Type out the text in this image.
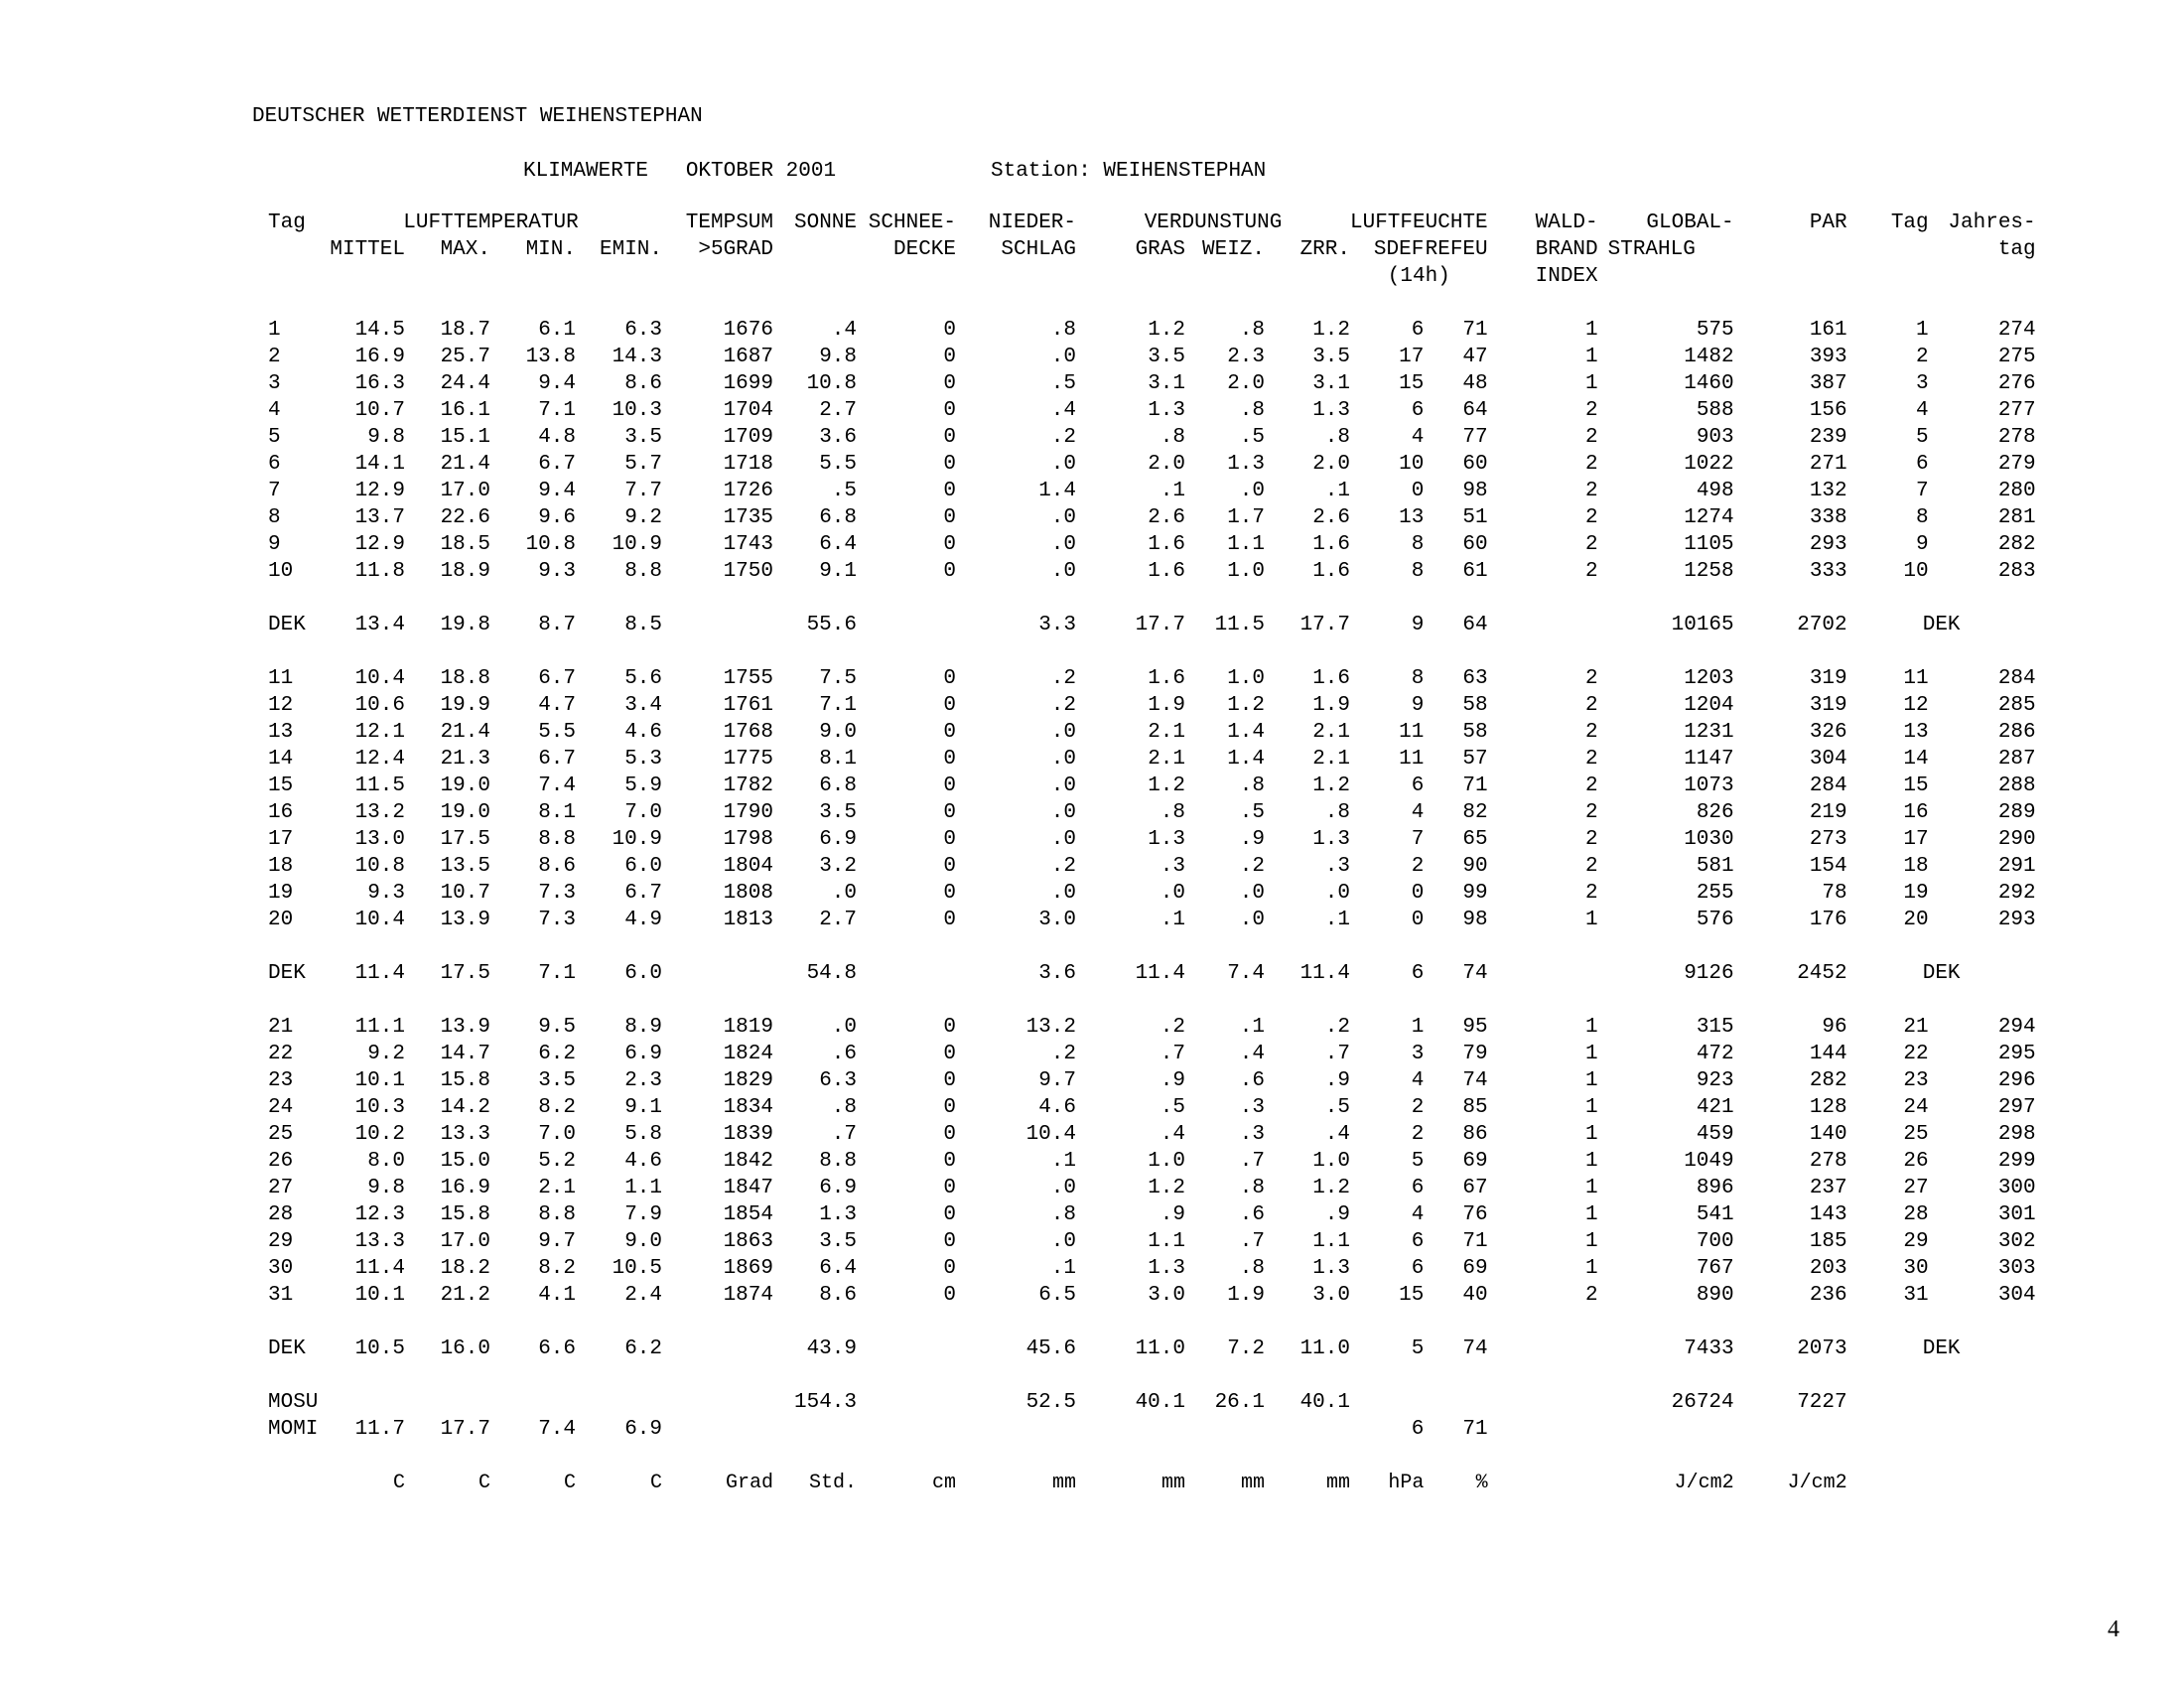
DEUTSCHER WETTERDIENST WEIHENSTEPHAN
KLIMAWERTE   OKTOBER 2001	Station: WEIHENSTEPHAN
Tag	LUFTTEMPERATUR				TEMPSUM	SONNE	SCHNEE-	NIEDER-	VERDUNSTUNG			LUFTFEUCHTE		WALD-	GLOBAL-	PAR	Tag	Jahres-
	MITTEL	MAX.	MIN.	EMIN.	>5GRAD		DECKE	SCHLAG	GRAS	WEIZ.	ZRR.	SDEF	REFEU	BRAND	STRAHLG			tag
												(14h)		INDEX				

1	14.5	18.7	6.1	6.3	1676	.4	0	.8	1.2	.8	1.2	6	71	1	575	161	1	274
2	16.9	25.7	13.8	14.3	1687	9.8	0	.0	3.5	2.3	3.5	17	47	1	1482	393	2	275
3	16.3	24.4	9.4	8.6	1699	10.8	0	.5	3.1	2.0	3.1	15	48	1	1460	387	3	276
4	10.7	16.1	7.1	10.3	1704	2.7	0	.4	1.3	.8	1.3	6	64	2	588	156	4	277
5	9.8	15.1	4.8	3.5	1709	3.6	0	.2	.8	.5	.8	4	77	2	903	239	5	278
6	14.1	21.4	6.7	5.7	1718	5.5	0	.0	2.0	1.3	2.0	10	60	2	1022	271	6	279
7	12.9	17.0	9.4	7.7	1726	.5	0	1.4	.1	.0	.1	0	98	2	498	132	7	280
8	13.7	22.6	9.6	9.2	1735	6.8	0	.0	2.6	1.7	2.6	13	51	2	1274	338	8	281
9	12.9	18.5	10.8	10.9	1743	6.4	0	.0	1.6	1.1	1.6	8	60	2	1105	293	9	282
10	11.8	18.9	9.3	8.8	1750	9.1	0	.0	1.6	1.0	1.6	8	61	2	1258	333	10	283

DEK	13.4	19.8	8.7	8.5		55.6		3.3	17.7	11.5	17.7	9	64		10165	2702	DEK	

11	10.4	18.8	6.7	5.6	1755	7.5	0	.2	1.6	1.0	1.6	8	63	2	1203	319	11	284
12	10.6	19.9	4.7	3.4	1761	7.1	0	.2	1.9	1.2	1.9	9	58	2	1204	319	12	285
13	12.1	21.4	5.5	4.6	1768	9.0	0	.0	2.1	1.4	2.1	11	58	2	1231	326	13	286
14	12.4	21.3	6.7	5.3	1775	8.1	0	.0	2.1	1.4	2.1	11	57	2	1147	304	14	287
15	11.5	19.0	7.4	5.9	1782	6.8	0	.0	1.2	.8	1.2	6	71	2	1073	284	15	288
16	13.2	19.0	8.1	7.0	1790	3.5	0	.0	.8	.5	.8	4	82	2	826	219	16	289
17	13.0	17.5	8.8	10.9	1798	6.9	0	.0	1.3	.9	1.3	7	65	2	1030	273	17	290
18	10.8	13.5	8.6	6.0	1804	3.2	0	.2	.3	.2	.3	2	90	2	581	154	18	291
19	9.3	10.7	7.3	6.7	1808	.0	0	.0	.0	.0	.0	0	99	2	255	78	19	292
20	10.4	13.9	7.3	4.9	1813	2.7	0	3.0	.1	.0	.1	0	98	1	576	176	20	293

DEK	11.4	17.5	7.1	6.0		54.8		3.6	11.4	7.4	11.4	6	74		9126	2452	DEK	

21	11.1	13.9	9.5	8.9	1819	.0	0	13.2	.2	.1	.2	1	95	1	315	96	21	294
22	9.2	14.7	6.2	6.9	1824	.6	0	.2	.7	.4	.7	3	79	1	472	144	22	295
23	10.1	15.8	3.5	2.3	1829	6.3	0	9.7	.9	.6	.9	4	74	1	923	282	23	296
24	10.3	14.2	8.2	9.1	1834	.8	0	4.6	.5	.3	.5	2	85	1	421	128	24	297
25	10.2	13.3	7.0	5.8	1839	.7	0	10.4	.4	.3	.4	2	86	1	459	140	25	298
26	8.0	15.0	5.2	4.6	1842	8.8	0	.1	1.0	.7	1.0	5	69	1	1049	278	26	299
27	9.8	16.9	2.1	1.1	1847	6.9	0	.0	1.2	.8	1.2	6	67	1	896	237	27	300
28	12.3	15.8	8.8	7.9	1854	1.3	0	.8	.9	.6	.9	4	76	1	541	143	28	301
29	13.3	17.0	9.7	9.0	1863	3.5	0	.0	1.1	.7	1.1	6	71	1	700	185	29	302
30	11.4	18.2	8.2	10.5	1869	6.4	0	.1	1.3	.8	1.3	6	69	1	767	203	30	303
31	10.1	21.2	4.1	2.4	1874	8.6	0	6.5	3.0	1.9	3.0	15	40	2	890	236	31	304

DEK	10.5	16.0	6.6	6.2		43.9		45.6	11.0	7.2	11.0	5	74		7433	2073	DEK	

MOSU						154.3		52.5	40.1	26.1	40.1				26724	7227		
MOMI	11.7	17.7	7.4	6.9								6	71					

	C	C	C	C	Grad	Std.	cm	mm	mm	mm	mm	hPa	%		J/cm2	J/cm2		
4
